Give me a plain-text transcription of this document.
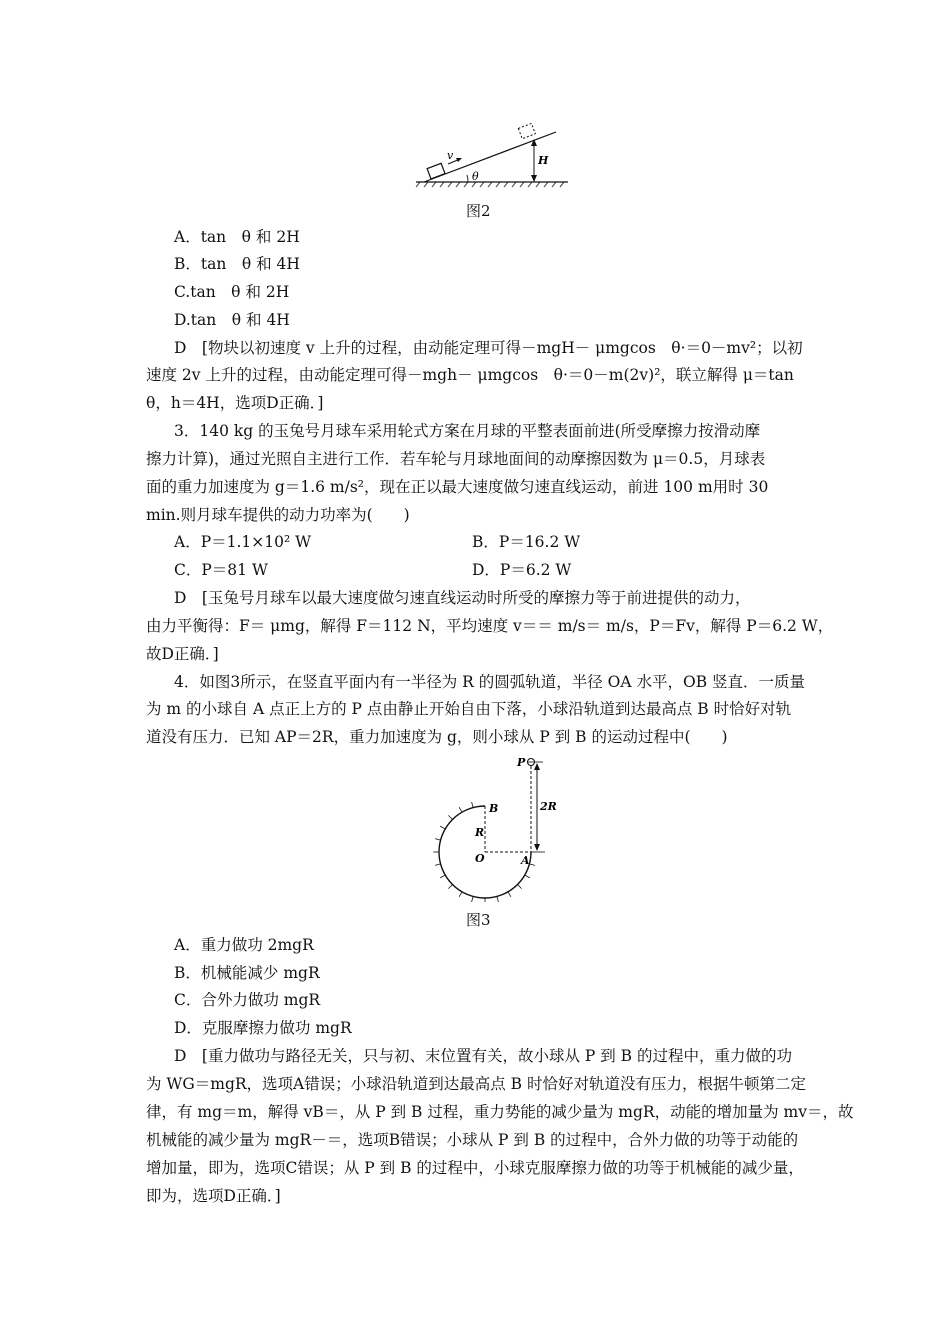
v
θ
H
图2
A．tan　θ 和 2H
B．tan　θ 和 4H
C.tan　θ 和 2H
D.tan　θ 和 4H
D　[物块以初速度 v 上升的过程，由动能定理可得－mgH－ μmgcos　θ·＝0－mv²；以初
速度 2v 上升的过程，由动能定理可得－mgh－ μmgcos　θ·＝0－m(2v)²，联立解得 μ＝tan
θ，h＝4H，选项D正确．]
3．140 kg 的玉兔号月球车采用轮式方案在月球的平整表面前进(所受摩擦力按滑动摩
擦力计算)，通过光照自主进行工作．若车轮与月球地面间的动摩擦因数为 μ＝0.5，月球表
面的重力加速度为 g＝1.6 m/s²，现在正以最大速度做匀速直线运动，前进 100 m用时 30
min.则月球车提供的动力功率为(　　)
A．P＝1.1×10² W	B．P＝16.2 W
C．P＝81 W	D．P＝6.2 W
D　[玉兔号月球车以最大速度做匀速直线运动时所受的摩擦力等于前进提供的动力，
由力平衡得：F＝ μmg，解得 F＝112 N，平均速度 v＝＝ m/s＝ m/s，P＝Fv，解得 P＝6.2 W，
故D正确．]
4．如图3所示，在竖直平面内有一半径为 R 的圆弧轨道，半径 OA 水平，OB 竖直．一质量
为 m 的小球自 A 点正上方的 P 点由静止开始自由下落，小球沿轨道到达最高点 B 时恰好对轨
道没有压力．已知 AP＝2R，重力加速度为 g，则小球从 P 到 B 的运动过程中(　　)
P
B
R
O	A
2R
图3
A．重力做功 2mgR
B．机械能减少 mgR
C．合外力做功 mgR
D．克服摩擦力做功 mgR
D　[重力做功与路径无关，只与初、末位置有关，故小球从 P 到 B 的过程中，重力做的功
为 WG＝mgR，选项A错误；小球沿轨道到达最高点 B 时恰好对轨道没有压力，根据牛顿第二定
律，有 mg＝m，解得 vB＝，从 P 到 B 过程，重力势能的减少量为 mgR，动能的增加量为 mv＝，故
机械能的减少量为 mgR－＝，选项B错误；小球从 P 到 B 的过程中，合外力做的功等于动能的
增加量，即为，选项C错误；从 P 到 B 的过程中，小球克服摩擦力做的功等于机械能的减少量，
即为，选项D正确．]
